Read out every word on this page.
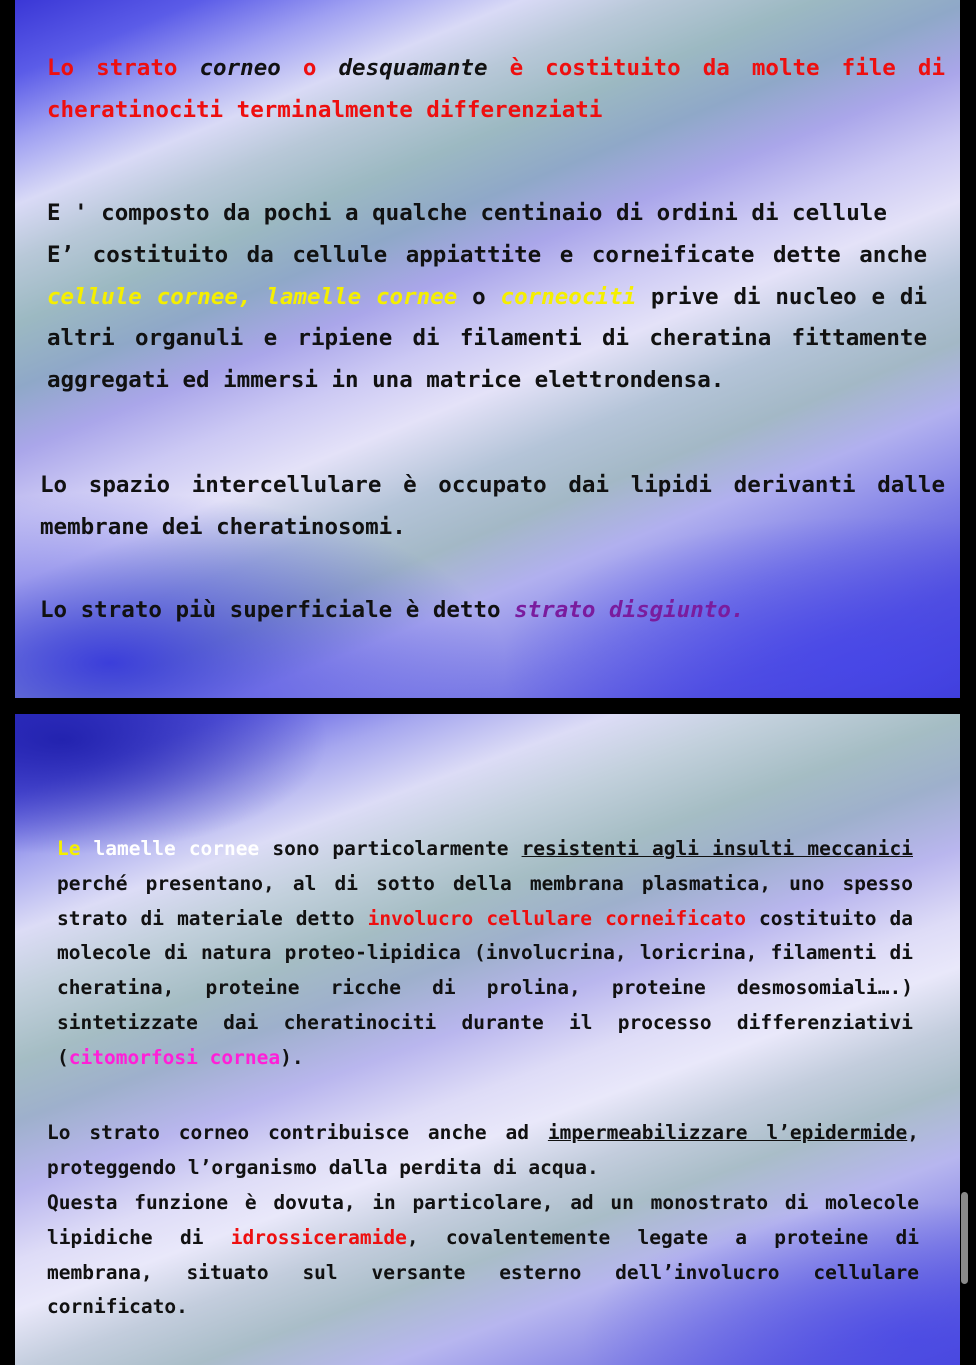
Lo strato corneo o desquamante è costituito da molte file di cheratinociti terminalmente differenziati

E ' composto da pochi a qualche centinaio di ordini di cellule

E’ costituito da cellule appiattite e corneificate dette anche cellule cornee, lamelle cornee o corneociti prive di nucleo e di altri organuli e ripiene di filamenti di cheratina fittamente aggregati ed immersi in una matrice elettrondensa.

Lo spazio intercellulare è occupato dai lipidi derivanti dalle membrane dei cheratinosomi.

Lo strato più superficiale è detto strato disgiunto.

Le lamelle cornee sono particolarmente resistenti agli insulti meccanici perché presentano, al di sotto della membrana plasmatica, uno spesso strato di materiale detto involucro cellulare corneificato costituito da molecole di natura proteo-lipidica (involucrina, loricrina, filamenti di cheratina, proteine ricche di prolina, proteine desmosomiali….) sintetizzate dai cheratinociti durante il processo differenziativi (citomorfosi cornea).

Lo strato corneo contribuisce anche ad impermeabilizzare l’epidermide, proteggendo l’organismo dalla perdita di acqua.

Questa funzione è dovuta, in particolare, ad un monostrato di molecole lipidiche di idrossiceramide, covalentemente legate a proteine di membrana, situato sul versante esterno dell’involucro cellulare cornificato.
